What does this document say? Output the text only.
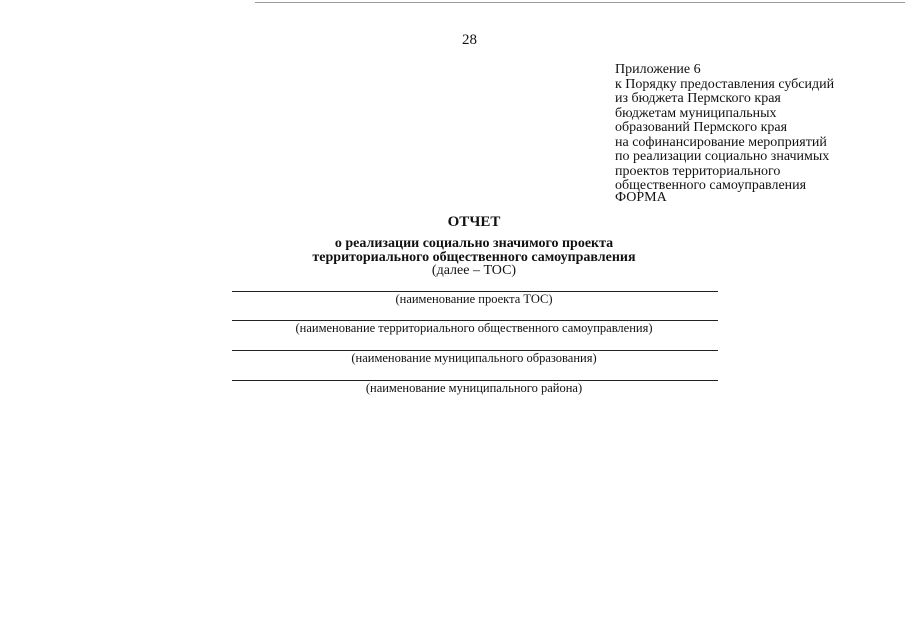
28
Приложение 6
к Порядку предоставления субсидий
из бюджета Пермского края
бюджетам муниципальных
образований Пермского края
на софинансирование мероприятий
по реализации социально значимых
проектов территориального
общественного самоуправления
ФОРМА
ОТЧЕТ
о реализации социально значимого проекта
территориального общественного самоуправления
(далее – ТОС)
(наименование проекта ТОС)
(наименование территориального общественного самоуправления)
(наименование муниципального образования)
(наименование муниципального района)
